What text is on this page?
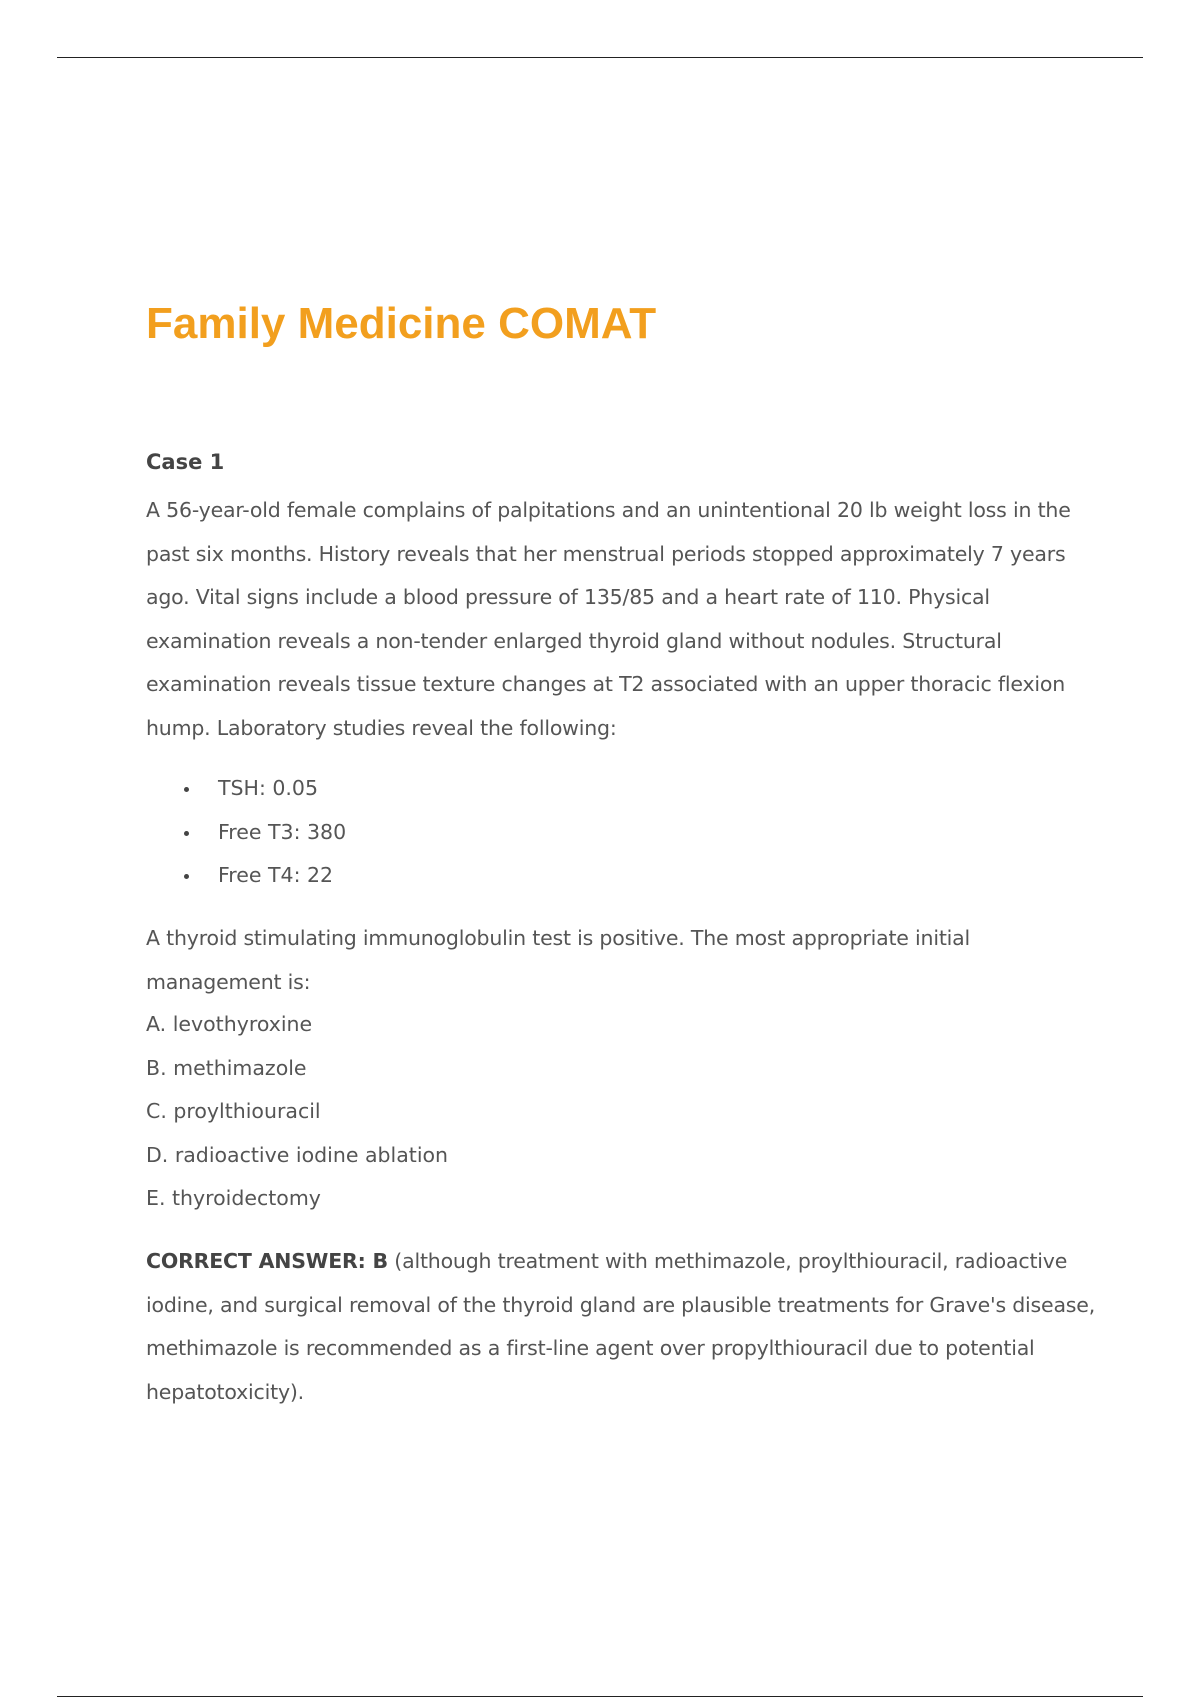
Family Medicine COMAT
Case 1

A 56-year-old female complains of palpitations and an unintentional 20 lb weight loss in the past six months. History reveals that her menstrual periods stopped approximately 7 years ago. Vital signs include a blood pressure of 135/85 and a heart rate of 110. Physical examination reveals a non-tender enlarged thyroid gland without nodules. Structural examination reveals tissue texture changes at T2 associated with an upper thoracic flexion hump. Laboratory studies reveal the following:

TSH: 0.05
Free T3: 380
Free T4: 22

A thyroid stimulating immunoglobulin test is positive. The most appropriate initial management is:

A. levothyroxine
B. methimazole
C. proylthiouracil
D. radioactive iodine ablation
E. thyroidectomy

CORRECT ANSWER: B (although treatment with methimazole, proylthiouracil, radioactive iodine, and surgical removal of the thyroid gland are plausible treatments for Grave's disease, methimazole is recommended as a first-line agent over propylthiouracil due to potential hepatotoxicity).
